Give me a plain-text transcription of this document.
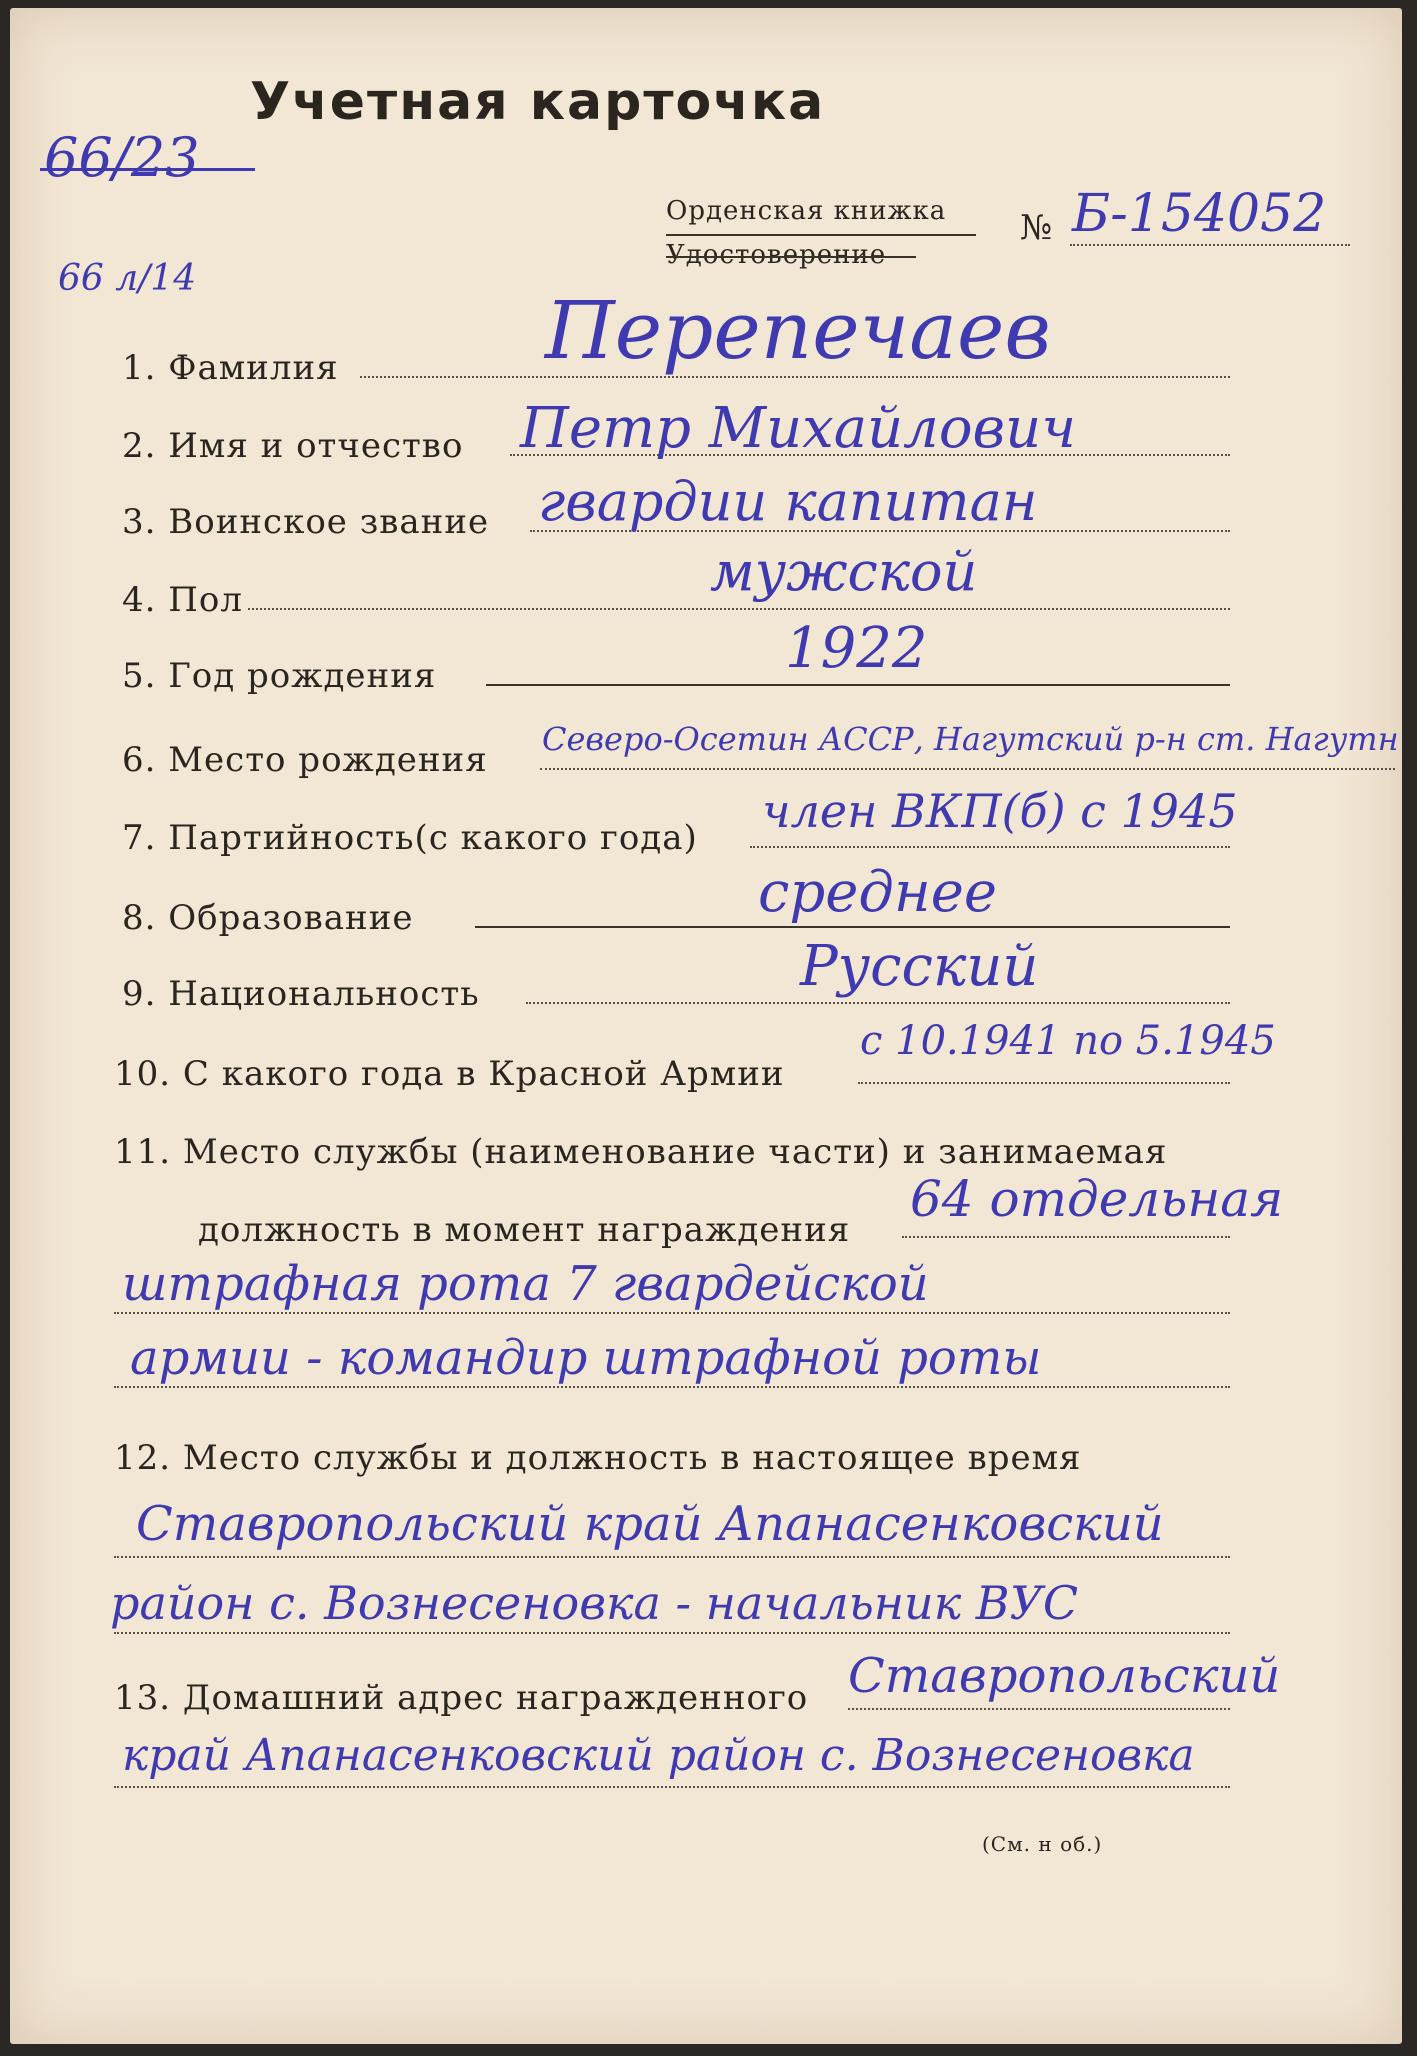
Учетная карточка
66/23
66 л/14
Орденская книжка
Удостоверение
№ Б-154052
1. Фамилия	Перепечаев
2. Имя и отчество Петр Михайлович
3. Воинское звание гвардии капитан
4. Пол	мужской
5. Год рождения	1922
6. Место рождения
Северо-Осетин АССР, Нагутский р-н ст. Нагутн
7. Партийность(с какого года) член ВКП(б) с 1945
8. Образование	среднее
9. Национальность	Русский
10. С какого года в Красной Армии
с 10.1941 по 5.1945
11. Место службы (наименование части) и занимаемая
должность в момент награждения
64 отдельная
штрафная рота 7 гвардейской
армии - командир штрафной роты
12. Место службы и должность в настоящее время
Ставропольский край Апанасенковский
район с. Вознесеновка - начальник ВУС
13. Домашний адрес награжденного Ставропольский
край Апанасенковский район с. Вознесеновка
(См. н об.)
